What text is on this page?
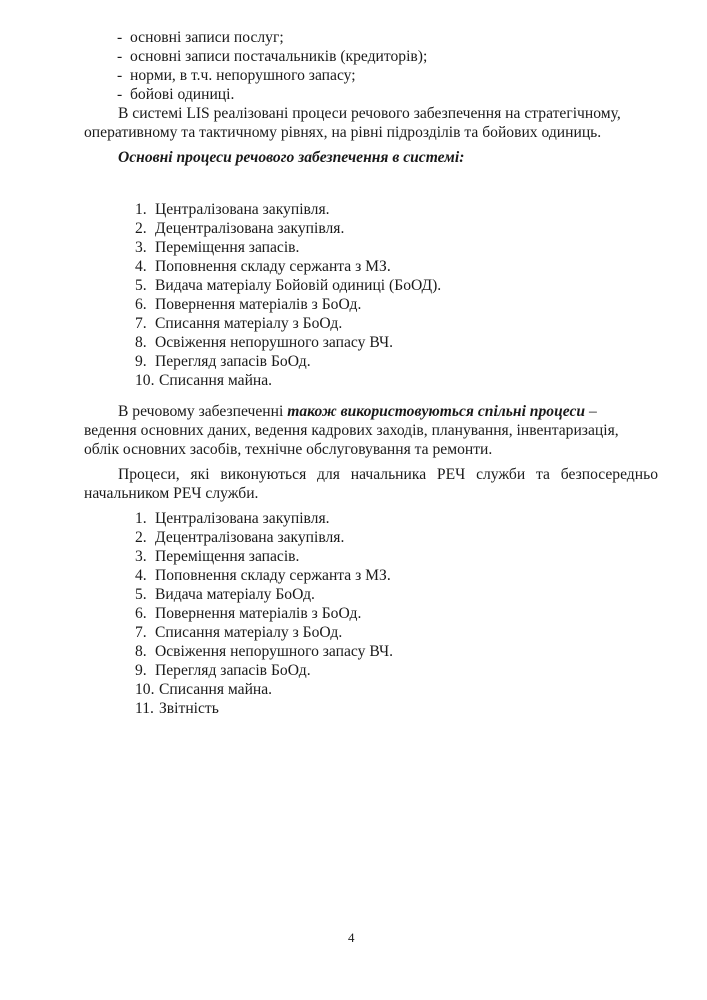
- основні записи послуг;
- основні записи постачальників (кредиторів);
- норми, в т.ч. непорушного запасу;
- бойові одиниці.
В системі LIS реалізовані процеси речового забезпечення на стратегічному,
оперативному та тактичному рівнях, на рівні підрозділів та бойових одиниць.
Основні процеси речового забезпечення в системі:
1. Централізована закупівля.
2. Децентралізована закупівля.
3. Переміщення запасів.
4. Поповнення складу сержанта з МЗ.
5. Видача матеріалу Бойовій одиниці (БоОД).
6. Повернення матеріалів з БоОд.
7. Списання матеріалу з БоОд.
8. Освіження непорушного запасу ВЧ.
9. Перегляд запасів БоОд.
10. Списання майна.
В речовому забезпеченні також використовуються спільні процеси –
ведення основних даних, ведення кадрових заходів, планування, інвентаризація,
облік основних засобів, технічне обслуговування та ремонти.
Процеси, які виконуються для начальника РЕЧ служби та безпосередньо
начальником РЕЧ служби.
1. Централізована закупівля.
2. Децентралізована закупівля.
3. Переміщення запасів.
4. Поповнення складу сержанта з МЗ.
5. Видача матеріалу БоОд.
6. Повернення матеріалів з БоОд.
7. Списання матеріалу з БоОд.
8. Освіження непорушного запасу ВЧ.
9. Перегляд запасів БоОд.
10. Списання майна.
11. Звітність
4
